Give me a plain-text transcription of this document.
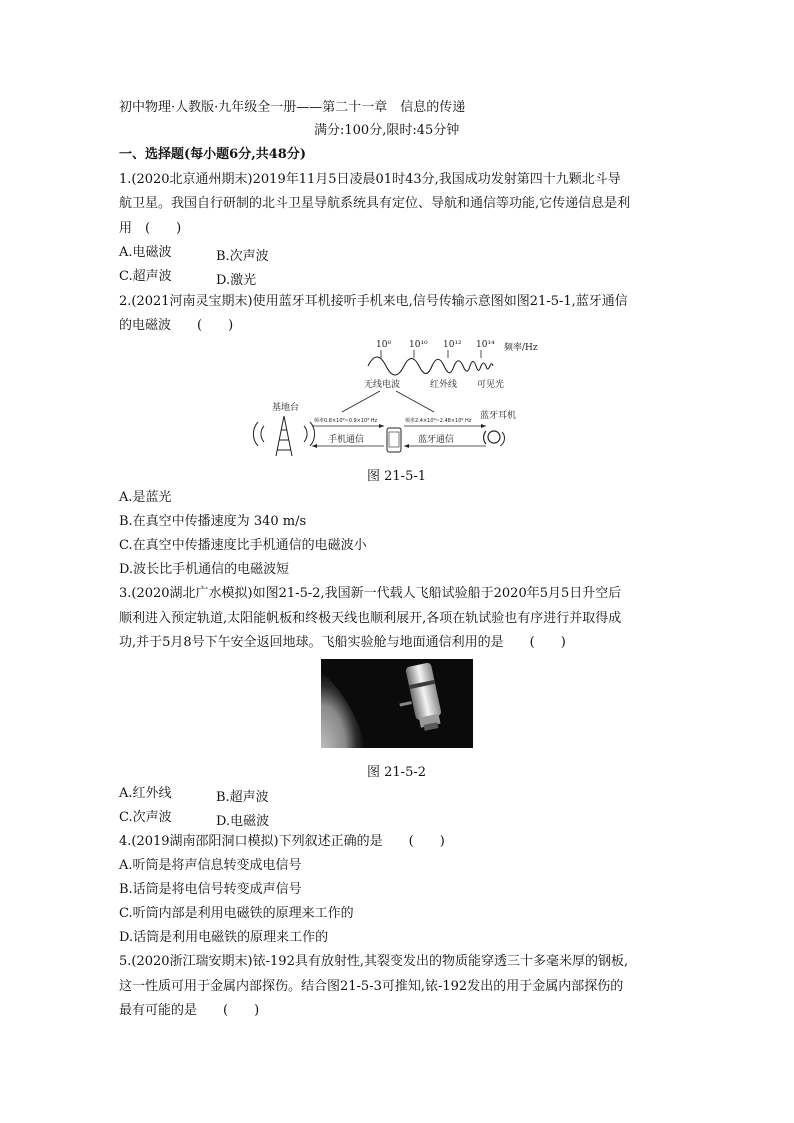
初中物理·人教版·九年级全一册——第二十一章　信息的传递
满分:100分,限时:45分钟
一、选择题(每小题6分,共48分)
1.(2020北京通州期末)2019年11月5日凌晨01时43分,我国成功发射第四十九颗北斗导
航卫星。我国自行研制的北斗卫星导航系统具有定位、导航和通信等功能,它传递信息是利
用　(　　)
A.电磁波	B.次声波
C.超声波	D.激光
2.(2021河南灵宝期末)使用蓝牙耳机接听手机来电,信号传输示意图如图21-5-1,蓝牙通信
的电磁波　　(　　)
10⁸ 10¹⁰ 10¹² 10¹⁴ 频率/Hz
无线电波	红外线 可见光
基地台
频率0.8×10⁹~0.9×10⁹ Hz
手机通信
频率2.4×10⁹~2.48×10⁹ Hz
蓝牙通信
蓝牙耳机
图 21-5-1
A.是蓝光
B.在真空中传播速度为 340 m/s
C.在真空中传播速度比手机通信的电磁波小
D.波长比手机通信的电磁波短
3.(2020湖北广水模拟)如图21-5-2,我国新一代载人飞船试验船于2020年5月5日升空后
顺利进入预定轨道,太阳能帆板和终极天线也顺利展开,各项在轨试验也有序进行并取得成
功,并于5月8号下午安全返回地球。飞船实验舱与地面通信利用的是　　(　　)
图 21-5-2
A.红外线	B.超声波
C.次声波	D.电磁波
4.(2019湖南邵阳洞口模拟)下列叙述正确的是　　(　　)
A.听筒是将声信息转变成电信号
B.话筒是将电信号转变成声信号
C.听筒内部是利用电磁铁的原理来工作的
D.话筒是利用电磁铁的原理来工作的
5.(2020浙江瑞安期末)铱-192具有放射性,其裂变发出的物质能穿透三十多毫米厚的钢板,
这一性质可用于金属内部探伤。结合图21-5-3可推知,铱-192发出的用于金属内部探伤的
最有可能的是　　(　　)
